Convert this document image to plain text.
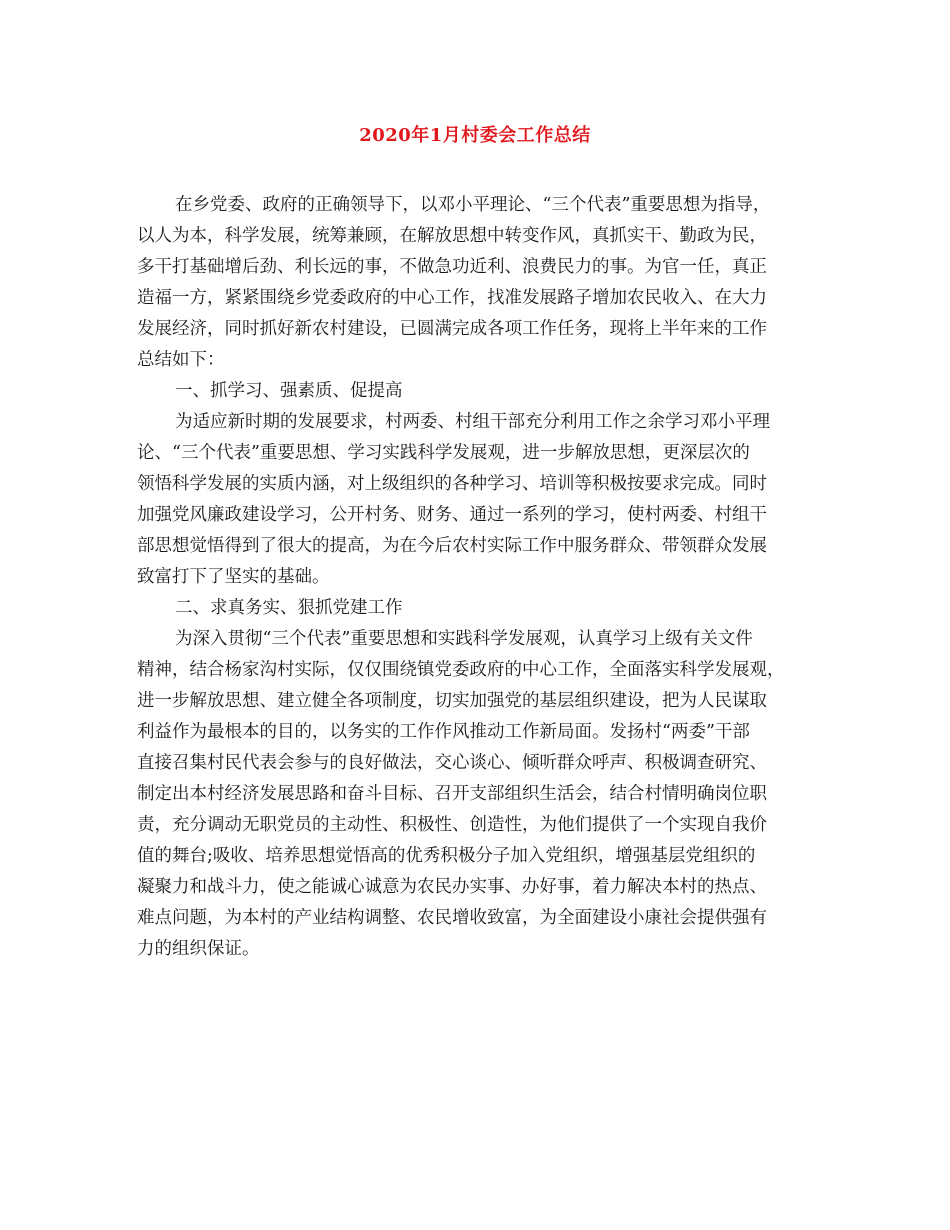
2020年1月村委会工作总结
在乡党委、政府的正确领导下，以邓小平理论、“三个代表”重要思想为指导，
以人为本，科学发展，统筹兼顾，在解放思想中转变作风，真抓实干、勤政为民，
多干打基础增后劲、利长远的事，不做急功近利、浪费民力的事。为官一任，真正
造福一方，紧紧围绕乡党委政府的中心工作，找准发展路子增加农民收入、在大力
发展经济，同时抓好新农村建设，已圆满完成各项工作任务，现将上半年来的工作
总结如下：
一、抓学习、强素质、促提高
为适应新时期的发展要求，村两委、村组干部充分利用工作之余学习邓小平理
论、“三个代表”重要思想、学习实践科学发展观，进一步解放思想，更深层次的
领悟科学发展的实质内涵，对上级组织的各种学习、培训等积极按要求完成。同时
加强党风廉政建设学习，公开村务、财务、通过一系列的学习，使村两委、村组干
部思想觉悟得到了很大的提高，为在今后农村实际工作中服务群众、带领群众发展
致富打下了坚实的基础。
二、求真务实、狠抓党建工作
为深入贯彻“三个代表”重要思想和实践科学发展观，认真学习上级有关文件
精神，结合杨家沟村实际，仅仅围绕镇党委政府的中心工作，全面落实科学发展观，
进一步解放思想、建立健全各项制度，切实加强党的基层组织建设，把为人民谋取
利益作为最根本的目的，以务实的工作作风推动工作新局面。发扬村“两委”干部
直接召集村民代表会参与的良好做法，交心谈心、倾听群众呼声、积极调查研究、
制定出本村经济发展思路和奋斗目标、召开支部组织生活会，结合村情明确岗位职
责，充分调动无职党员的主动性、积极性、创造性，为他们提供了一个实现自我价
值的舞台;吸收、培养思想觉悟高的优秀积极分子加入党组织，增强基层党组织的
凝聚力和战斗力，使之能诚心诚意为农民办实事、办好事，着力解决本村的热点、
难点问题，为本村的产业结构调整、农民增收致富，为全面建设小康社会提供强有
力的组织保证。
